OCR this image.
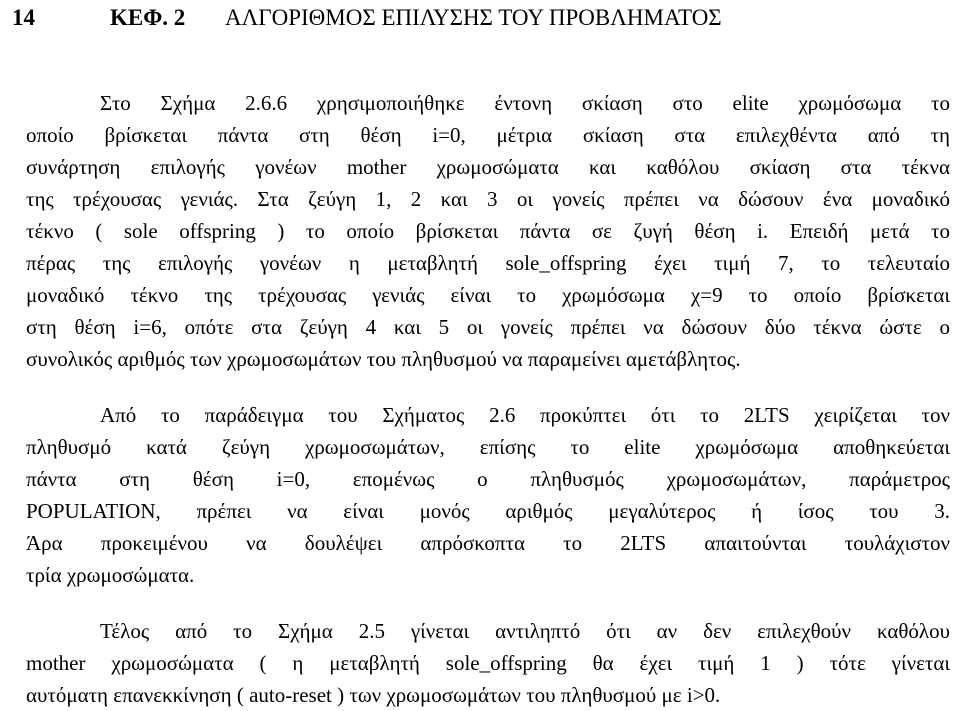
14	ΚΕΦ. 2 ΑΛΓΟΡΙΘΜΟΣ ΕΠΙΛΥΣΗΣ ΤΟΥ ΠΡΟΒΛΗΜΑΤΟΣ
Στο Σχήμα 2.6.6 χρησιμοποιήθηκε έντονη σκίαση στο elite χρωμόσωμα το
οποίο βρίσκεται πάντα στη θέση i=0, μέτρια σκίαση στα επιλεχθέντα από τη
συνάρτηση επιλογής γονέων mother χρωμοσώματα και καθόλου σκίαση στα τέκνα
της τρέχουσας γενιάς. Στα ζεύγη 1, 2 και 3 οι γονείς πρέπει να δώσουν ένα μοναδικό
τέκνο ( sole offspring ) το οποίο βρίσκεται πάντα σε ζυγή θέση i. Επειδή μετά το
πέρας της επιλογής γονέων η μεταβλητή sole_offspring έχει τιμή 7, το τελευταίο
μοναδικό τέκνο της τρέχουσας γενιάς είναι το χρωμόσωμα χ=9 το οποίο βρίσκεται
στη θέση i=6, οπότε στα ζεύγη 4 και 5 οι γονείς πρέπει να δώσουν δύο τέκνα ώστε ο
συνολικός αριθμός των χρωμοσωμάτων του πληθυσμού να παραμείνει αμετάβλητος.
Από το παράδειγμα του Σχήματος 2.6 προκύπτει ότι το 2LTS χειρίζεται τον
πληθυσμό κατά ζεύγη χρωμοσωμάτων, επίσης το elite χρωμόσωμα αποθηκεύεται
πάντα στη θέση i=0, επομένως ο πληθυσμός χρωμοσωμάτων, παράμετρος
POPULATION, πρέπει να είναι μονός αριθμός μεγαλύτερος ή ίσος του 3.
Άρα προκειμένου να δουλέψει απρόσκοπτα το 2LTS απαιτούνται τουλάχιστον
τρία χρωμοσώματα.
Τέλος από το Σχήμα 2.5 γίνεται αντιληπτό ότι αν δεν επιλεχθούν καθόλου
mother χρωμοσώματα ( η μεταβλητή sole_offspring θα έχει τιμή 1 ) τότε γίνεται
αυτόματη επανεκκίνηση ( auto-reset ) των χρωμοσωμάτων του πληθυσμού με i>0.
